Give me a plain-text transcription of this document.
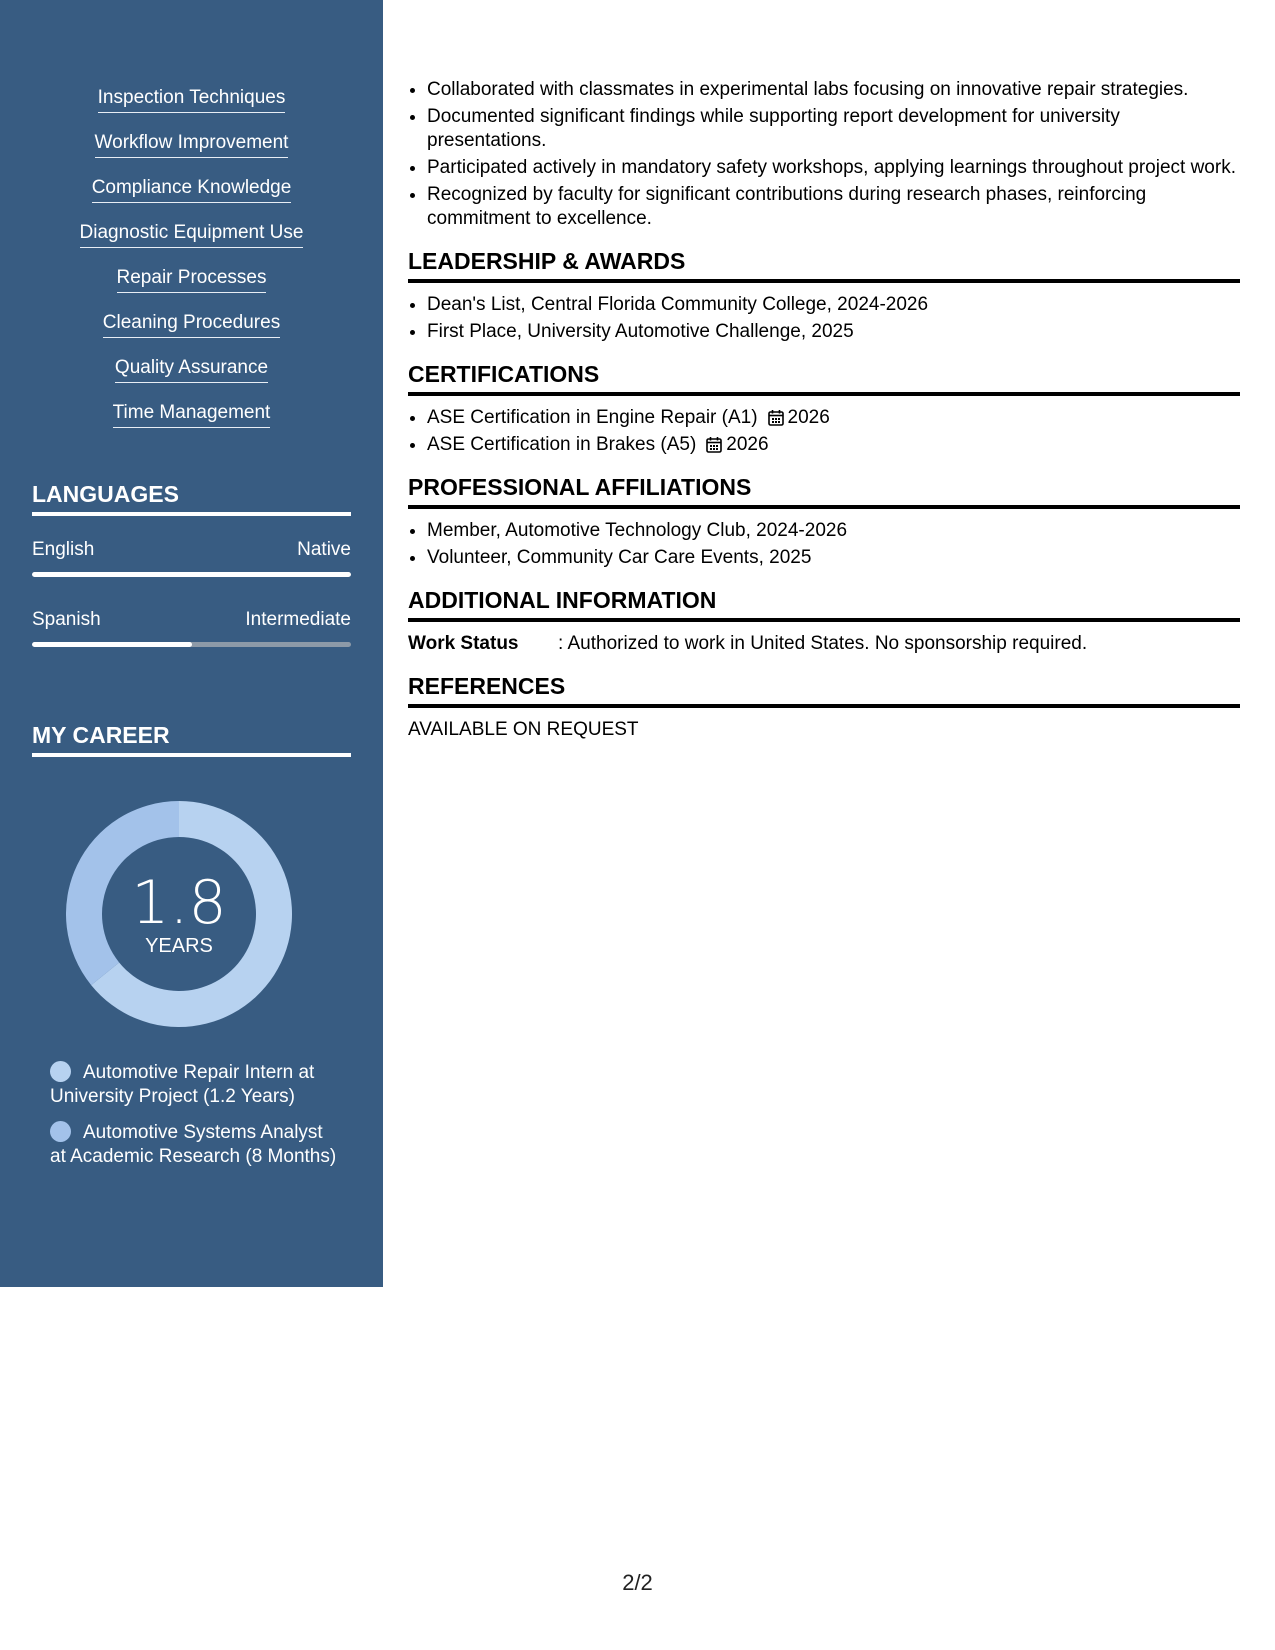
Inspection Techniques
Workflow Improvement
Compliance Knowledge
Diagnostic Equipment Use
Repair Processes
Cleaning Procedures
Quality Assurance
Time Management
LANGUAGES
English	Native
Spanish	Intermediate
MY CAREER
1.8
YEARS
Automotive Repair Intern at University Project (1.2 Years)
Automotive Systems Analyst at Academic Research (8 Months)
• Collaborated with classmates in experimental labs focusing on innovative repair strategies.
• Documented significant findings while supporting report development for university presentations.
• Participated actively in mandatory safety workshops, applying learnings throughout project work.
• Recognized by faculty for significant contributions during research phases, reinforcing commitment to excellence.
LEADERSHIP & AWARDS
• Dean's List, Central Florida Community College, 2024-2026
• First Place, University Automotive Challenge, 2025
CERTIFICATIONS
• ASE Certification in Engine Repair (A1) 2026
• ASE Certification in Brakes (A5) 2026
PROFESSIONAL AFFILIATIONS
• Member, Automotive Technology Club, 2024-2026
• Volunteer, Community Car Care Events, 2025
ADDITIONAL INFORMATION
Work Status	: Authorized to work in United States. No sponsorship required.
REFERENCES
AVAILABLE ON REQUEST
2/2
